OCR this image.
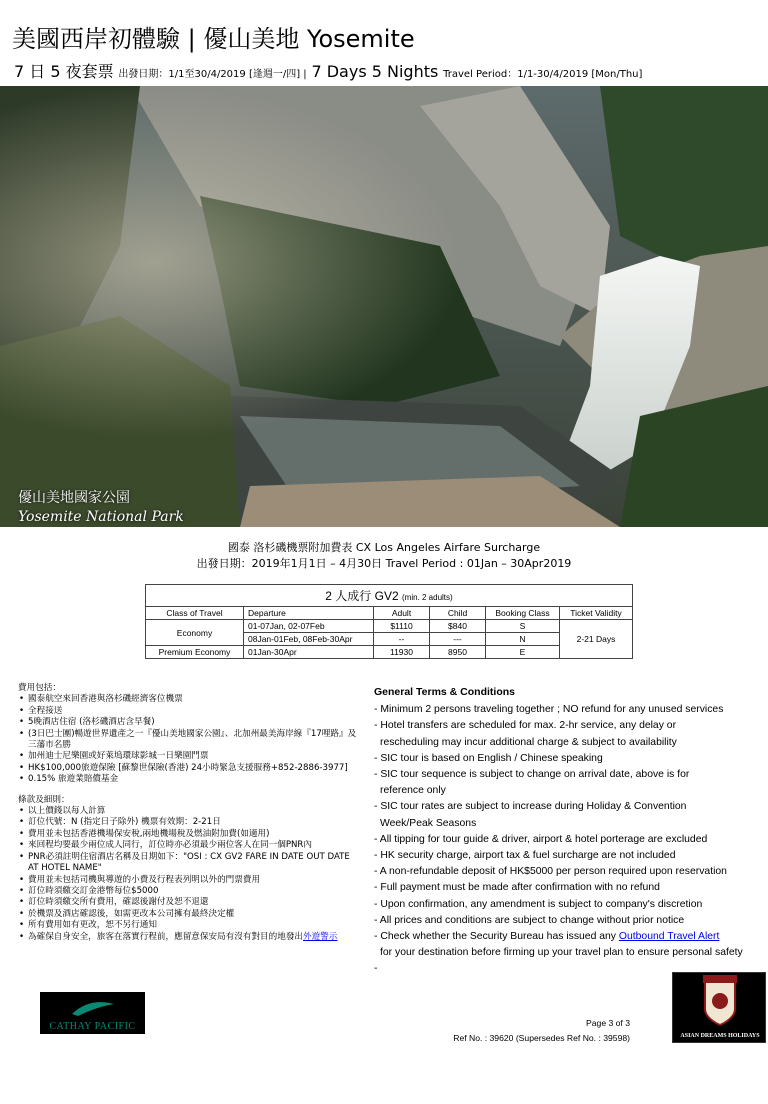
美國西岸初體驗 | 優山美地 Yosemite
7 日 5 夜套票 出發日期：1/1至30/4/2019 [逢週一/四] | 7 Days 5 Nights Travel Period：1/1-30/4/2019 [Mon/Thu]
優山美地國家公園
Yosemite National Park
國泰 洛杉磯機票附加費表 CX Los Angeles Airfare Surcharge
出發日期：2019年1月1日 – 4月30日 Travel Period : 01Jan – 30Apr2019
2 人成行 GV2 (min. 2 adults)					
Class of Travel	Departure	Adult	Child	Booking Class	Ticket Validity
Economy	01-07Jan, 02-07Feb	$1110	$840	S	2-21 Days
	08Jan-01Feb, 08Feb-30Apr	--	---	N	
Premium Economy	01Jan-30Apr	11930	8950	E	
費用包括：
• 國泰航空來回香港與洛杉磯經濟客位機票
• 全程接送
• 5晚酒店住宿 (洛杉磯酒店含早餐)
• (3日巴士團)暢遊世界遺產之一『優山美地國家公園』、北加州最美海岸線『17哩路』及三藩市名勝
• 加州迪士尼樂園或好萊塢環球影城一日樂園門票
• HK$100,000旅遊保險 [蘇黎世保險(香港) 24小時緊急支援服務+852-2886-3977]
• 0.15% 旅遊業賠償基金
條款及細則：
• 以上價錢以每人計算
• 訂位代號：N (指定日子除外) 機票有效期：2-21日
• 費用並未包括香港機場保安稅,兩地機場稅及燃油附加費(如適用)
• 來回程均要最少兩位成人同行，訂位時亦必須最少兩位客人在同一個PNR內
• PNR必須註明住宿酒店名稱及日期如下："OSI : CX GV2 FARE IN DATE OUT DATE AT HOTEL NAME"
• 費用並未包括司機與導遊的小費及行程表列明以外的門票費用
• 訂位時須繳交訂金港幣每位$5000
• 訂位時須繳交所有費用，確認後謝付及恕不退還
• 於機票及酒店確認後，如需更改本公司擁有最終決定權
• 所有費用如有更改，恕不另行通知
• 為確保自身安全，旅客在落實行程前，應留意保安局有沒有對目的地發出外遊警示
General Terms & Conditions
- Minimum 2 persons traveling together ; NO refund for any unused services
- Hotel transfers are scheduled for max. 2-hr service, any delay or
rescheduling may incur additional charge & subject to availability
- SIC tour is based on English / Chinese speaking
- SIC tour sequence is subject to change on arrival date, above is for
reference only
- SIC tour rates are subject to increase during Holiday & Convention
Week/Peak Seasons
- All tipping for tour guide & driver, airport & hotel porterage are excluded
- HK security charge, airport tax & fuel surcharge are not included
- A non-refundable deposit of HK$5000 per person required upon reservation
- Full payment must be made after confirmation with no refund
- Upon confirmation, any amendment is subject to company's discretion
- All prices and conditions are subject to change without prior notice
- Check whether the Security Bureau has issued any Outbound Travel Alert
for your destination before firming up your travel plan to ensure personal safety
-
CATHAY PACIFIC
ASIAN DREAMS HOLIDAYS
Page 3 of 3
Ref No. : 39620 (Supersedes Ref No. : 39598)
